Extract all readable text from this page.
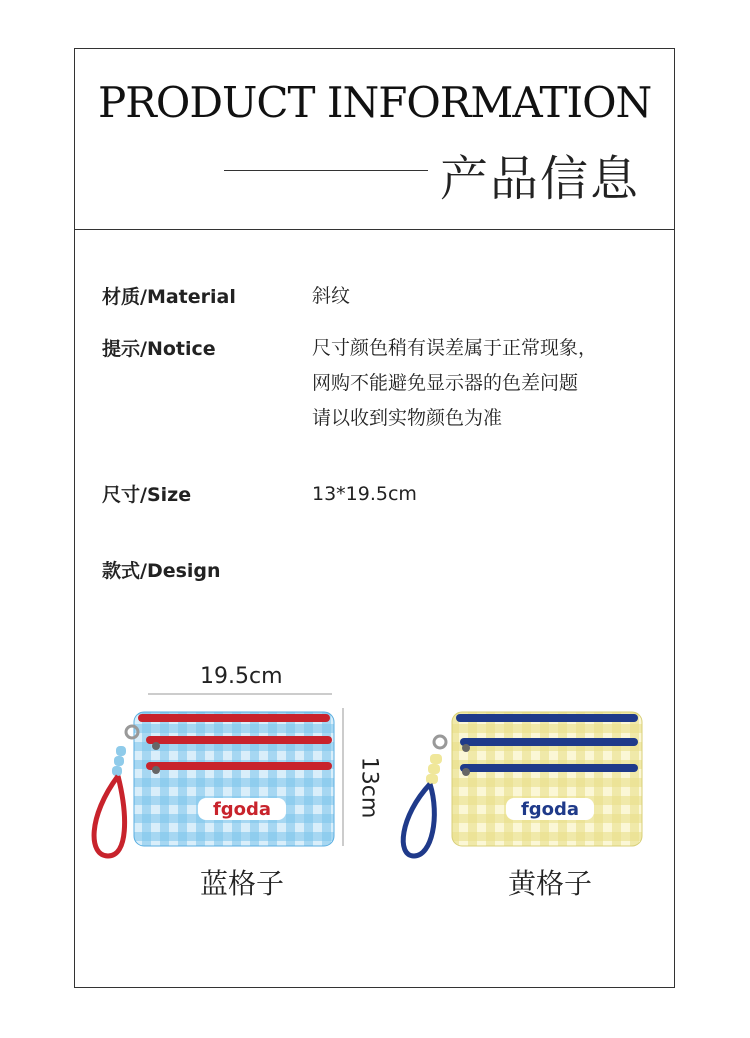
PRODUCT INFORMATION
产品信息
材质/Material	斜纹
提示/Notice	尺寸颜色稍有误差属于正常现象，
网购不能避免显示器的色差问题
请以收到实物颜色为准
尺寸/Size	13*19.5cm
款式/Design
19.5cm
13cm
fgoda
蓝格子
fgoda
黄格子
